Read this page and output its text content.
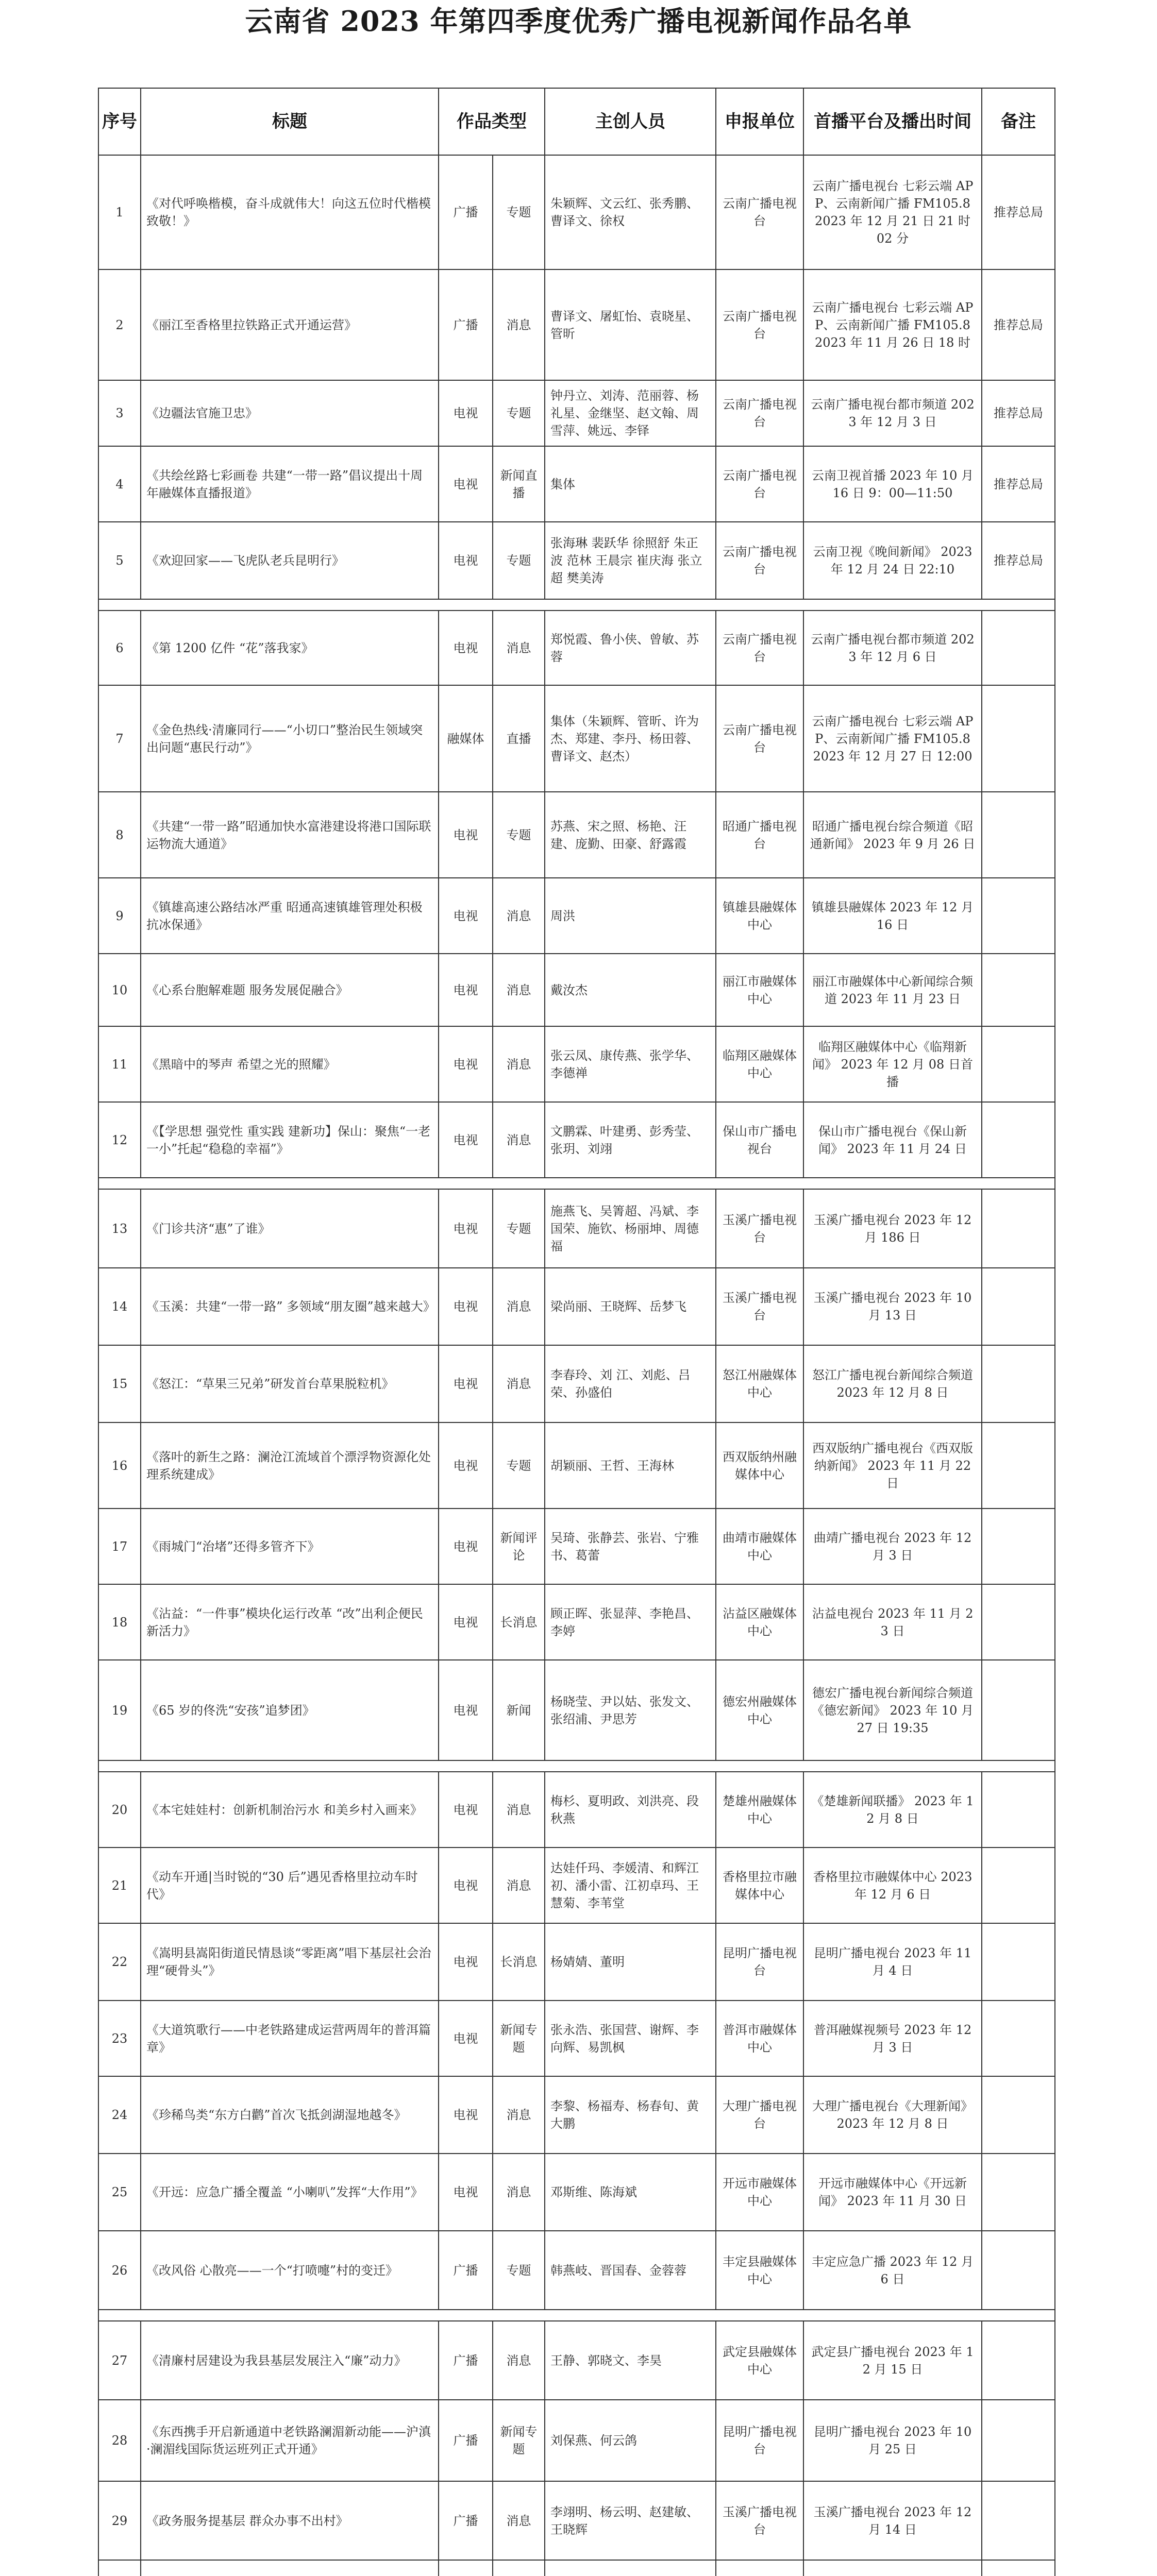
云南省 2023 年第四季度优秀广播电视新闻作品名单
序号	标题	作品类型		主创人员	申报单位	首播平台及播出时间	备注
1	《对代呼唤楷模，奋斗成就伟大！向这五位时代楷模致敬！》	广播	专题	朱颖辉、文云红、张秀鹏、曹译文、徐权	云南广播电视台	云南广播电视台 七彩云端 APP、云南新闻广播 FM105.8 2023 年 12 月 21 日 21 时 02 分	推荐总局
2	《丽江至香格里拉铁路正式开通运营》	广播	消息	曹译文、屠虹怡、袁晓星、管昕	云南广播电视台	云南广播电视台 七彩云端 APP、云南新闻广播 FM105.8 2023 年 11 月 26 日 18 时	推荐总局
3	《边疆法官施卫忠》	电视	专题	钟丹立、刘涛、范丽蓉、杨礼星、金继坚、赵文翰、周雪萍、姚远、李铎	云南广播电视台	云南广播电视台都市频道 2023 年 12 月 3 日	推荐总局
4	《共绘丝路七彩画卷 共建“一带一路”倡议提出十周年融媒体直播报道》	电视	新闻直播	集体	云南广播电视台	云南卫视首播 2023 年 10 月 16 日 9：00—11:50	推荐总局
5	《欢迎回家——飞虎队老兵昆明行》	电视	专题	张海琳 裴跃华 徐照舒 朱正波 范林 王晨宗 崔庆海 张立超 樊美涛	云南广播电视台	云南卫视《晚间新闻》 2023 年 12 月 24 日 22:10	推荐总局

6	《第 1200 亿件 “花”落我家》	电视	消息	郑悦霞、鲁小侠、曾敏、苏蓉	云南广播电视台	云南广播电视台都市频道 2023 年 12 月 6 日	
7	《金色热线·清廉同行——“小切口”整治民生领域突出问题“惠民行动”》	融媒体	直播	集体（朱颖辉、管昕、许为杰、郑建、李丹、杨田蓉、曹译文、赵杰）	云南广播电视台	云南广播电视台 七彩云端 APP、云南新闻广播 FM105.8 2023 年 12 月 27 日 12:00	
8	《共建“一带一路”昭通加快水富港建设将港口国际联运物流大通道》	电视	专题	苏燕、宋之照、杨艳、汪建、庞勤、田豪、舒露霞	昭通广播电视台	昭通广播电视台综合频道《昭通新闻》 2023 年 9 月 26 日	
9	《镇雄高速公路结冰严重 昭通高速镇雄管理处积极抗冰保通》	电视	消息	周洪	镇雄县融媒体中心	镇雄县融媒体 2023 年 12 月 16 日	
10	《心系台胞解难题 服务发展促融合》	电视	消息	戴汝杰	丽江市融媒体中心	丽江市融媒体中心新闻综合频道 2023 年 11 月 23 日	
11	《黑暗中的琴声 希望之光的照耀》	电视	消息	张云凤、康传燕、张学华、李德禅	临翔区融媒体中心	临翔区融媒体中心《临翔新闻》 2023 年 12 月 08 日首播	
12	《【学思想 强党性 重实践 建新功】保山：聚焦“一老一小”托起“稳稳的幸福”》	电视	消息	文鹏霖、叶建勇、彭秀莹、张玥、刘翊	保山市广播电视台	保山市广播电视台《保山新闻》 2023 年 11 月 24 日	

13	《门诊共济“惠”了谁》	电视	专题	施燕飞、吴箐超、冯斌、李国荣、施钦、杨丽坤、周德福	玉溪广播电视台	玉溪广播电视台 2023 年 12 月 186 日	
14	《玉溪：共建“一带一路” 多领域“朋友圈”越来越大》	电视	消息	梁尚丽、王晓辉、岳梦飞	玉溪广播电视台	玉溪广播电视台 2023 年 10 月 13 日	
15	《怒江：“草果三兄弟”研发首台草果脱粒机》	电视	消息	李春玲、刘 江、刘彪、吕荣、孙盛伯	怒江州融媒体中心	怒江广播电视台新闻综合频道 2023 年 12 月 8 日	
16	《落叶的新生之路：澜沧江流域首个漂浮物资源化处理系统建成》	电视	专题	胡颖丽、王哲、王海林	西双版纳州融媒体中心	西双版纳广播电视台《西双版纳新闻》 2023 年 11 月 22 日	
17	《雨城门“治堵”还得多管齐下》	电视	新闻评论	吴琦、张静芸、张岩、宁雅书、葛蕾	曲靖市融媒体中心	曲靖广播电视台 2023 年 12 月 3 日	
18	《沾益：“一件事”模块化运行改革 “改”出利企便民新活力》	电视	长消息	顾正晖、张显萍、李艳昌、李婷	沾益区融媒体中心	沾益电视台 2023 年 11 月 23 日	
19	《65 岁的佟洗“安孩”追梦团》	电视	新闻	杨晓莹、尹以姑、张发文、张绍浦、尹思芳	德宏州融媒体中心	德宏广播电视台新闻综合频道《德宏新闻》 2023 年 10 月 27 日 19:35	

20	《本宅娃娃村：创新机制治污水 和美乡村入画来》	电视	消息	梅杉、夏明政、刘洪亮、段秋燕	楚雄州融媒体中心	《楚雄新闻联播》 2023 年 12 月 8 日	
21	《动车开通|当时锐的“30 后”遇见香格里拉动车时代》	电视	消息	达娃仟玛、李媛清、和辉江初、潘小雷、江初卓玛、王慧菊、李苇堂	香格里拉市融媒体中心	香格里拉市融媒体中心 2023 年 12 月 6 日	
22	《嵩明县嵩阳街道民情恳谈“零距离”唱下基层社会治理“硬骨头”》	电视	长消息	杨婧婧、董明	昆明广播电视台	昆明广播电视台 2023 年 11 月 4 日	
23	《大道筑歌行——中老铁路建成运营两周年的普洱篇章》	电视	新闻专题	张永浩、张国营、谢辉、李向辉、易凯枫	普洱市融媒体中心	普洱融媒视频号 2023 年 12 月 3 日	
24	《珍稀鸟类“东方白鹳”首次飞抵剑湖湿地越冬》	电视	消息	李黎、杨福寿、杨春旬、黄大鹏	大理广播电视台	大理广播电视台《大理新闻》 2023 年 12 月 8 日	
25	《开远：应急广播全覆盖 “小喇叭”发挥“大作用”》	电视	消息	邓斯维、陈海斌	开远市融媒体中心	开远市融媒体中心《开远新闻》 2023 年 11 月 30 日	
26	《改风俗 心散亮——一个“打喷嚏”村的变迁》	广播	专题	韩燕岐、晋国春、金蓉蓉	丰定县融媒体中心	丰定应急广播 2023 年 12 月 6 日	

27	《清廉村居建设为我县基层发展注入“廉”动力》	广播	消息	王静、郭晓文、李昊	武定县融媒体中心	武定县广播电视台 2023 年 12 月 15 日	
28	《东西携手开启新通道中老铁路澜湄新动能——沪滇·澜湄线国际货运班列正式开通》	广播	新闻专题	刘保燕、何云鸽	昆明广播电视台	昆明广播电视台 2023 年 10 月 25 日	
29	《政务服务提基层 群众办事不出村》	广播	消息	李翊明、杨云明、赵建敏、王晓辉	玉溪广播电视台	玉溪广播电视台 2023 年 12 月 14 日	
